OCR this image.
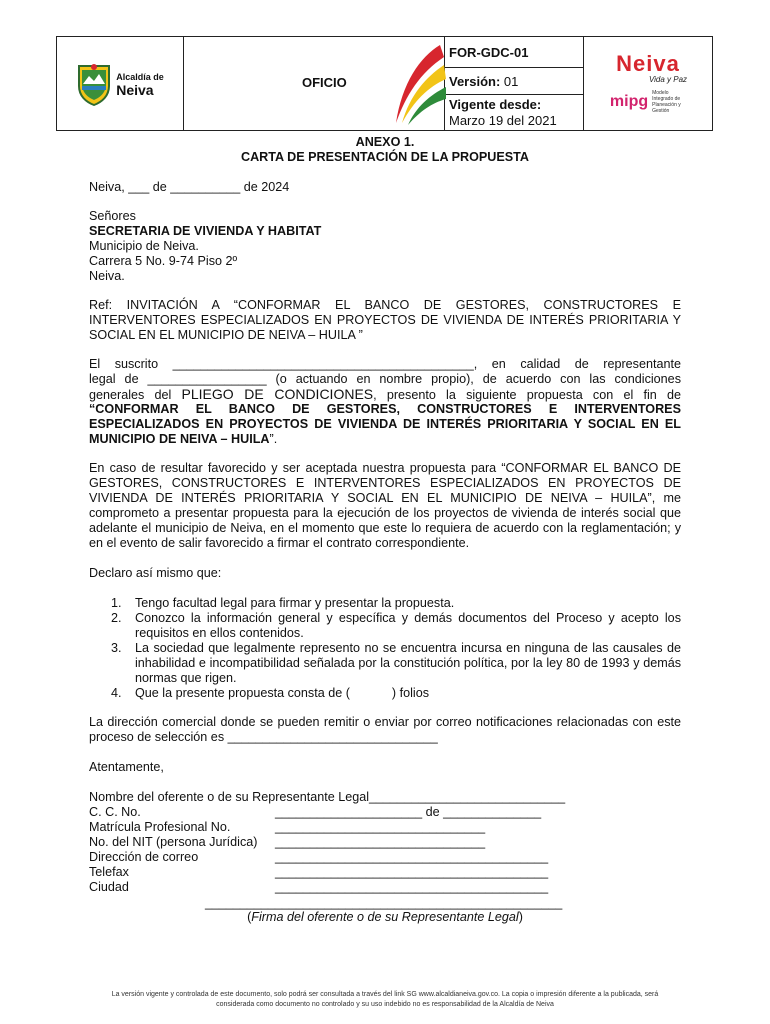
Alcaldía de
Neiva	OFICIO

FOR-GDC-01	Neiva
Vida y Paz
mipg Modelo Integrado de Planeación y Gestión

Versión: 01

Vigente desde:
Marzo 19 del 2021
ANEXO 1.
CARTA DE PRESENTACIÓN DE LA PROPUESTA
Neiva, ___ de __________ de 2024
Señores
SECRETARIA DE VIVIENDA Y HABITAT
Municipio de Neiva.
Carrera 5 No. 9-74 Piso 2º
Neiva.
Ref: INVITACIÓN A “CONFORMAR EL BANCO DE GESTORES, CONSTRUCTORES E
INTERVENTORES ESPECIALIZADOS EN PROYECTOS DE VIVIENDA DE INTERÉS PRIORITARIA Y
SOCIAL EN EL MUNICIPIO DE NEIVA – HUILA ”
El suscrito ___________________________________________, en calidad de representante
legal de _________________ (o actuando en nombre propio), de acuerdo con las condiciones
generales del PLIEGO DE CONDICIONES, presento la siguiente propuesta con el fin de
“CONFORMAR EL BANCO DE GESTORES, CONSTRUCTORES E INTERVENTORES
ESPECIALIZADOS EN PROYECTOS DE VIVIENDA DE INTERÉS PRIORITARIA Y SOCIAL EN EL
MUNICIPIO DE NEIVA – HUILA”.
En caso de resultar favorecido y ser aceptada nuestra propuesta para “CONFORMAR EL BANCO DE
GESTORES, CONSTRUCTORES E INTERVENTORES ESPECIALIZADOS EN PROYECTOS DE
VIVIENDA DE INTERÉS PRIORITARIA Y SOCIAL EN EL MUNICIPIO DE NEIVA – HUILA”, me
comprometo a presentar propuesta para la ejecución de los proyectos de vivienda de interés social que
adelante el municipio de Neiva, en el momento que este lo requiera de acuerdo con la reglamentación; y
en el evento de salir favorecido a firmar el contrato correspondiente.
Declaro así mismo que:
1. Tengo facultad legal para firmar y presentar la propuesta.
2. Conozco la información general y específica y demás documentos del Proceso y acepto los
requisitos en ellos contenidos.
3. La sociedad que legalmente represento no se encuentra incursa en ninguna de las causales de
inhabilidad e incompatibilidad señalada por la constitución política, por la ley 80 de 1993 y demás
normas que rigen.
4. Que la presente propuesta consta de (            ) folios
La dirección comercial donde se pueden remitir o enviar por correo notificaciones relacionadas con este
proceso de selección es ______________________________
Atentamente,
Nombre del oferente o de su Representante Legal____________________________
C. C. No.	_____________________ de ______________
Matrícula Profesional No.	______________________________
No. del NIT (persona Jurídica) ______________________________
Dirección de correo	_______________________________________
Telefax	_______________________________________
Ciudad	_______________________________________
___________________________________________________
(Firma del oferente o de su Representante Legal)
La versión vigente y controlada de este documento, solo podrá ser consultada a través del link SG www.alcaldianeiva.gov.co. La copia o impresión diferente a la publicada, será
considerada como documento no controlado y su uso indebido no es responsabilidad de la Alcaldía de Neiva
